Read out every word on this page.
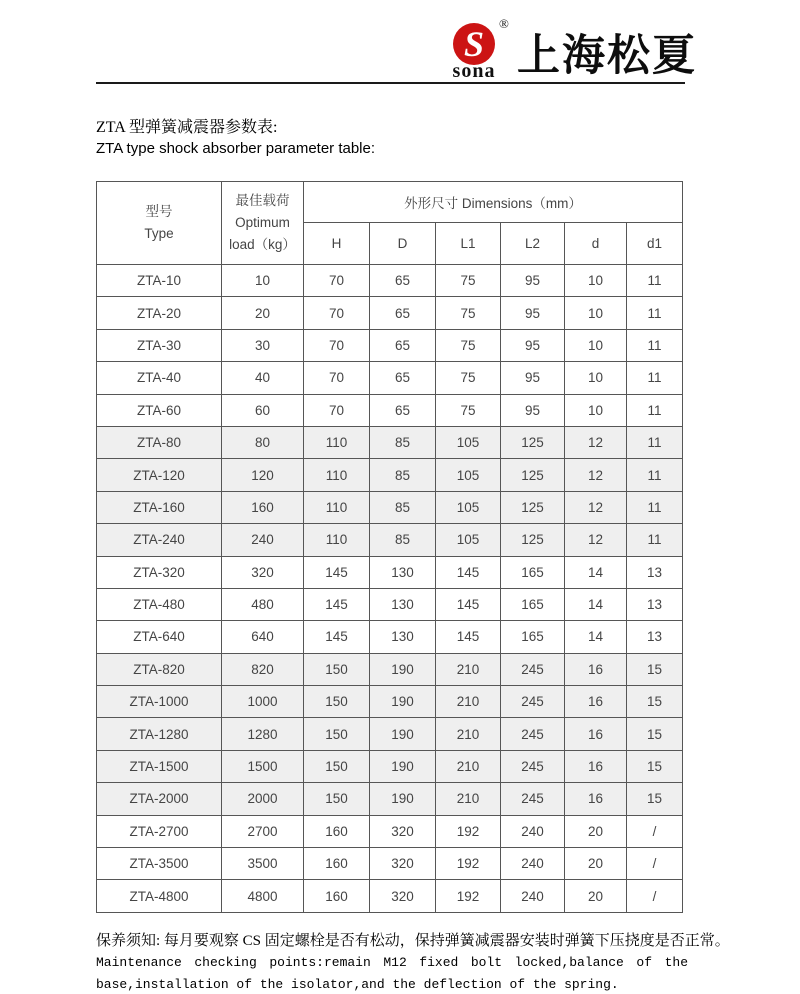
S
®
sona 上海松夏
ZTA 型弹簧减震器参数表:
ZTA type shock absorber parameter table:
型号
Type

最佳载荷
Optimum
load（kg）
	外形尺寸 Dimensions（mm）
		H	D	L1	L2	d	d1
ZTA-10	10	70	65	75	95	10	11
ZTA-20	20	70	65	75	95	10	11
ZTA-30	30	70	65	75	95	10	11
ZTA-40	40	70	65	75	95	10	11
ZTA-60	60	70	65	75	95	10	11
ZTA-80	80	110	85	105	125	12	11
ZTA-120	120	110	85	105	125	12	11
ZTA-160	160	110	85	105	125	12	11
ZTA-240	240	110	85	105	125	12	11
ZTA-320	320	145	130	145	165	14	13
ZTA-480	480	145	130	145	165	14	13
ZTA-640	640	145	130	145	165	14	13
ZTA-820	820	150	190	210	245	16	15
ZTA-1000	1000	150	190	210	245	16	15
ZTA-1280	1280	150	190	210	245	16	15
ZTA-1500	1500	150	190	210	245	16	15
ZTA-2000	2000	150	190	210	245	16	15
ZTA-2700	2700	160	320	192	240	20	/
ZTA-3500	3500	160	320	192	240	20	/
ZTA-4800	4800	160	320	192	240	20	/
保养须知: 每月要观察 CS 固定螺栓是否有松动，保持弹簧减震器安装时弹簧下压挠度是否正常。
Maintenance checking points:remain M12 fixed bolt locked,balance of the
base,installation of the isolator,and the deflection of the spring.
